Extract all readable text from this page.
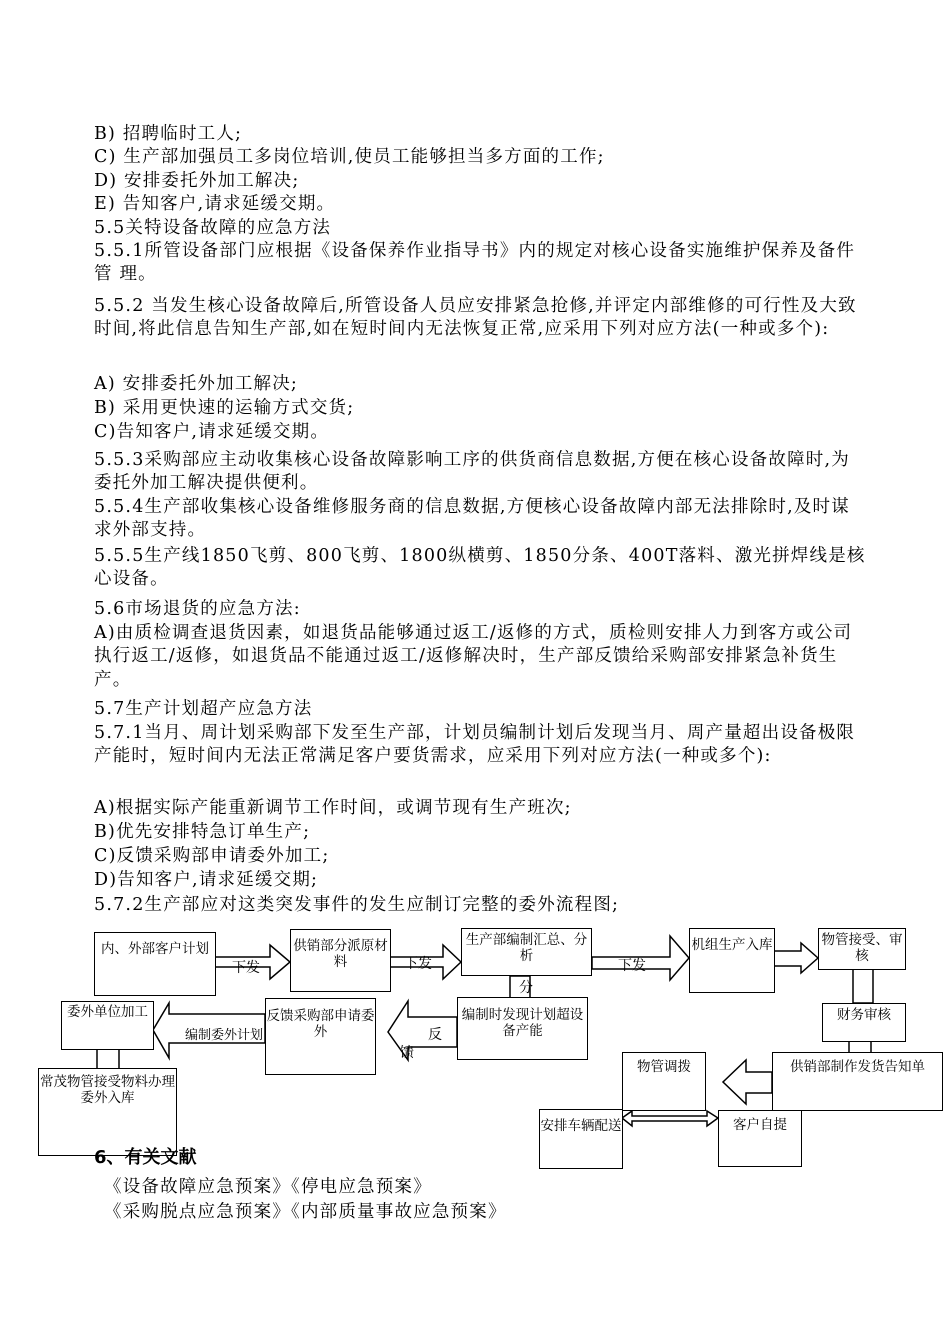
B) 招聘临时工人;
C) 生产部加强员工多岗位培训,使员工能够担当多方面的工作;
D) 安排委托外加工解决;
E) 告知客户,请求延缓交期。
5.5关特设备故障的应急方法
5.5.1所管设备部门应根据《设备保养作业指导书》内的规定对核心设备实施维护保养及备件管 理。
5.5.2 当发生核心设备故障后,所管设备人员应安排紧急抢修,并评定内部维修的可行性及大致时间,将此信息告知生产部,如在短时间内无法恢复正常,应采用下列对应方法(一种或多个):
A) 安排委托外加工解决;
B) 采用更快速的运输方式交货;
C)告知客户,请求延缓交期。
5.5.3采购部应主动收集核心设备故障影响工序的供货商信息数据,方便在核心设备故障时,为委托外加工解决提供便利。
5.5.4生产部收集核心设备维修服务商的信息数据,方便核心设备故障内部无法排除时,及时谋求外部支持。
5.5.5生产线1850飞剪、800飞剪、1800纵横剪、1850分条、400T落料、激光拼焊线是核心设备。
5.6市场退货的应急方法:
A)由质检调查退货因素，如退货品能够通过返工/返修的方式，质检则安排人力到客方或公司执行返工/返修，如退货品不能通过返工/返修解决时，生产部反馈给采购部安排紧急补货生产。
5.7生产计划超产应急方法
5.7.1当月、周计划采购部下发至生产部，计划员编制计划后发现当月、周产量超出设备极限产能时，短时间内无法正常满足客户要货需求，应采用下列对应方法(一种或多个):
A)根据实际产能重新调节工作时间，或调节现有生产班次;
B)优先安排特急订单生产;
C)反馈采购部申请委外加工;
D)告知客户,请求延缓交期;
5.7.2生产部应对这类突发事件的发生应制订完整的委外流程图;
内、外部客户计划	供销部分派原材料
生产部编制汇总、分析
机组生产入库	物管接受、审核
财务审核
供销部制作发货告知单
物管调拨
安排车辆配送	客户自提
编制时发现计划超设备产能
反馈采购部申请委外
委外单位加工
常茂物管接受物料办理委外入库
下发	下发	下发
分
反
馈
编制委外计划
6、有关文献
《设备故障应急预案》《停电应急预案》
《采购脱点应急预案》《内部质量事故应急预案》
